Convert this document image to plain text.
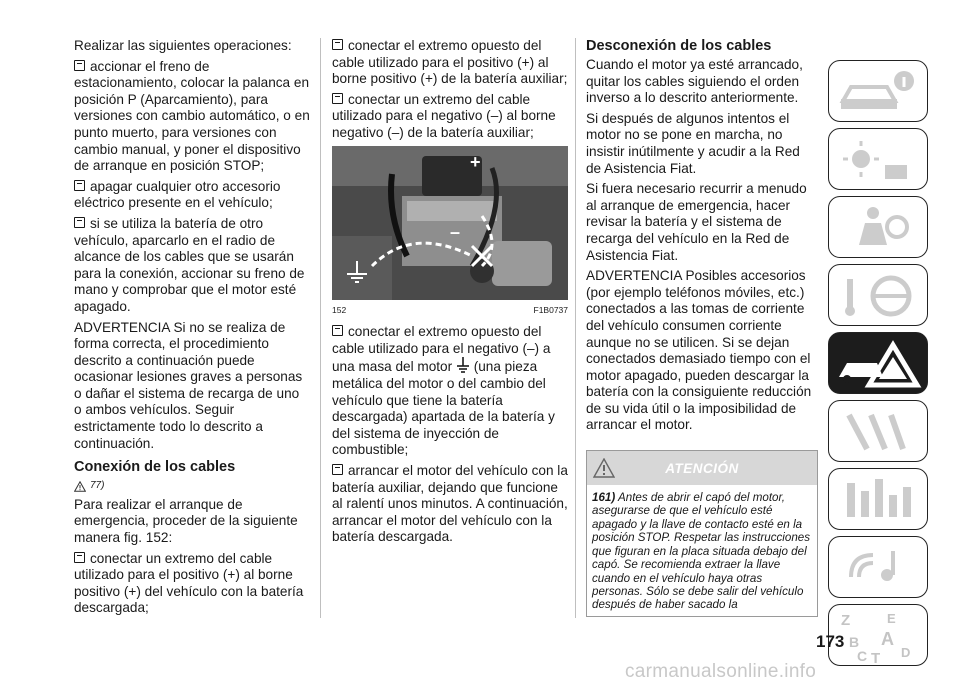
Realizar las siguientes operaciones:

accionar el freno de estacionamiento, colocar la palanca en posición P (Aparcamiento), para versiones con cambio automático, o en punto muerto, para versiones con cambio manual, y poner el dispositivo de arranque en posición STOP;

apagar cualquier otro accesorio eléctrico presente en el vehículo;

si se utiliza la batería de otro vehículo, aparcarlo en el radio de alcance de los cables que se usarán para la conexión, accionar su freno de mano y comprobar que el motor esté apagado.

ADVERTENCIA Si no se realiza de forma correcta, el procedimiento descrito a continuación puede ocasionar lesiones graves a personas o dañar el sistema de recarga de uno o ambos vehículos. Seguir estrictamente todo lo descrito a continuación.

Conexión de los cables
77)

Para realizar el arranque de emergencia, proceder de la siguiente manera fig. 152:

conectar un extremo del cable utilizado para el positivo (+) al borne positivo (+) del vehículo con la batería descargada;

conectar el extremo opuesto del cable utilizado para el positivo (+) al borne positivo (+) de la batería auxiliar;

conectar un extremo del cable utilizado para el negativo (–) al borne negativo (–) de la batería auxiliar;

+
–
152	F1B0737

conectar el extremo opuesto del cable utilizado para el negativo (–) a una masa del motor (una pieza metálica del motor o del cambio del vehículo que tiene la batería descargada) apartada de la batería y del sistema de inyección de combustible;

arrancar el motor del vehículo con la batería auxiliar, dejando que funcione al ralentí unos minutos. A continuación, arrancar el motor del vehículo con la batería descargada.

Desconexión de los cables

Cuando el motor ya esté arrancado, quitar los cables siguiendo el orden inverso a lo descrito anteriormente.

Si después de algunos intentos el motor no se pone en marcha, no insistir inútilmente y acudir a la Red de Asistencia Fiat.

Si fuera necesario recurrir a menudo al arranque de emergencia, hacer revisar la batería y el sistema de recarga del vehículo en la Red de Asistencia Fiat.

ADVERTENCIA Posibles accesorios (por ejemplo teléfonos móviles, etc.) conectados a las tomas de corriente del vehículo consumen corriente aunque no se utilicen. Si se dejan conectados demasiado tiempo con el motor apagado, pueden descargar la batería con la consiguiente reducción de su vida útil o la imposibilidad de arrancar el motor.

ATENCIÓN
161) Antes de abrir el capó del motor, asegurarse de que el vehículo esté apagado y la llave de contacto esté en la posición STOP. Respetar las instrucciones que figuran en la placa situada debajo del capó. Se recomienda extraer la llave cuando en el vehículo haya otras personas. Sólo se debe salir del vehículo después de haber sacado la
Z	E
B A
C T D
173
carmanualsonline.info
